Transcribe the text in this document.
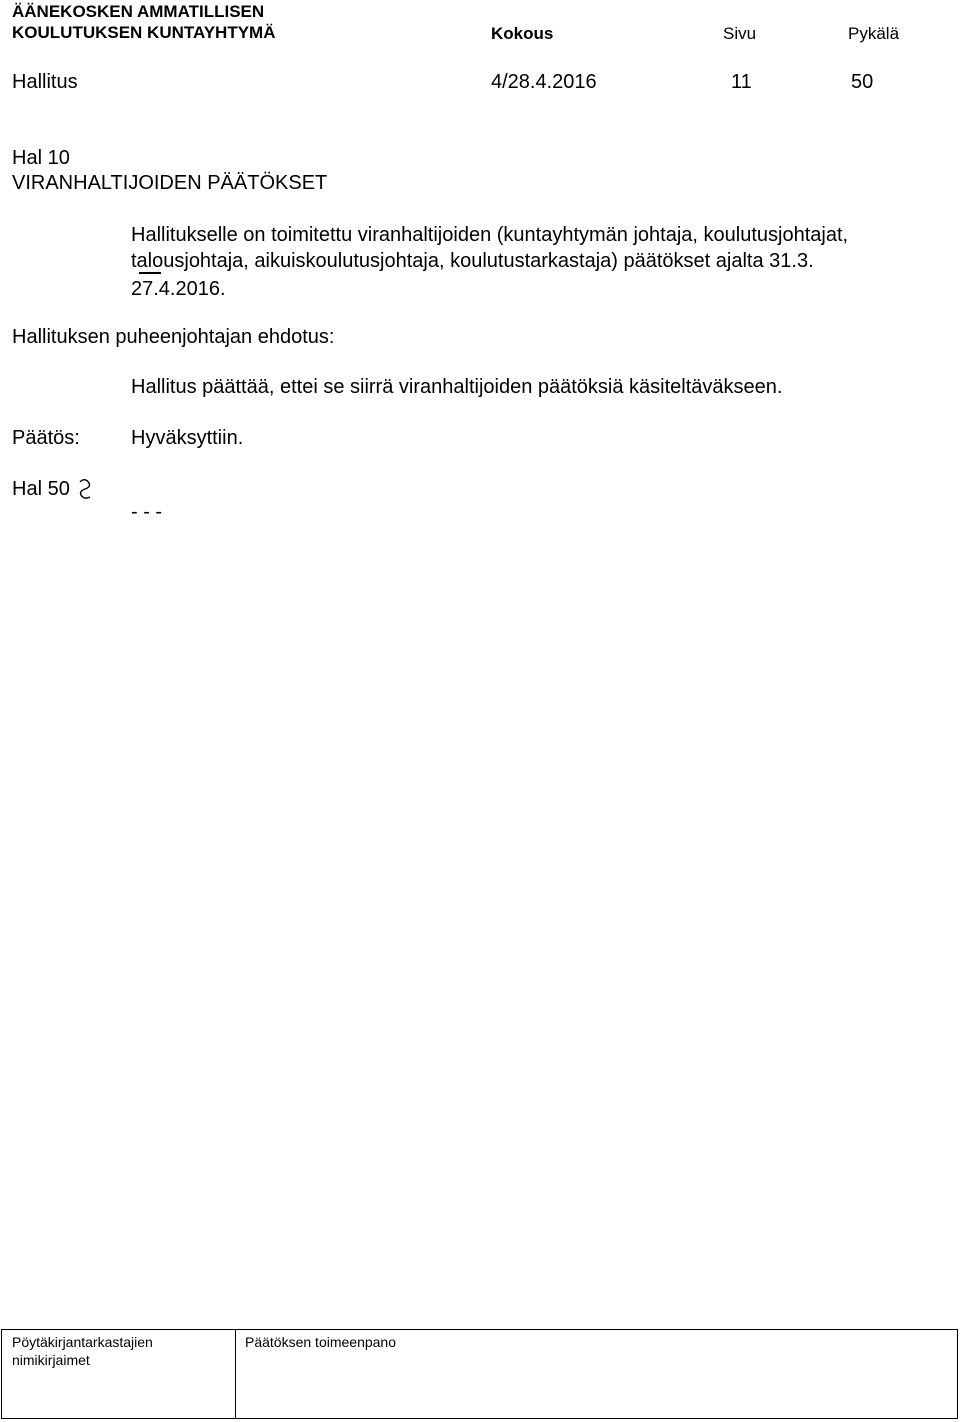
ÄÄNEKOSKEN AMMATILLISEN
KOULUTUKSEN KUNTAYHTYMÄ	Kokous	Sivu	Pykälä
Hallitus	4/28.4.2016	11	50
Hal 10
VIRANHALTIJOIDEN PÄÄTÖKSET
Hallitukselle on toimitettu viranhaltijoiden (kuntayhtymän johtaja, koulutusjohtajat,
talousjohtaja, aikuiskoulutusjohtaja, koulutustarkastaja) päätökset ajalta 31.3.
27.4.2016.
Hallituksen puheenjohtajan ehdotus:
Hallitus päättää, ettei se siirrä viranhaltijoiden päätöksiä käsiteltäväkseen.
Päätös:	Hyväksyttiin.
Hal 50
- - -
Pöytäkirjantarkastajien
nimikirjaimet
Päätöksen toimeenpano
